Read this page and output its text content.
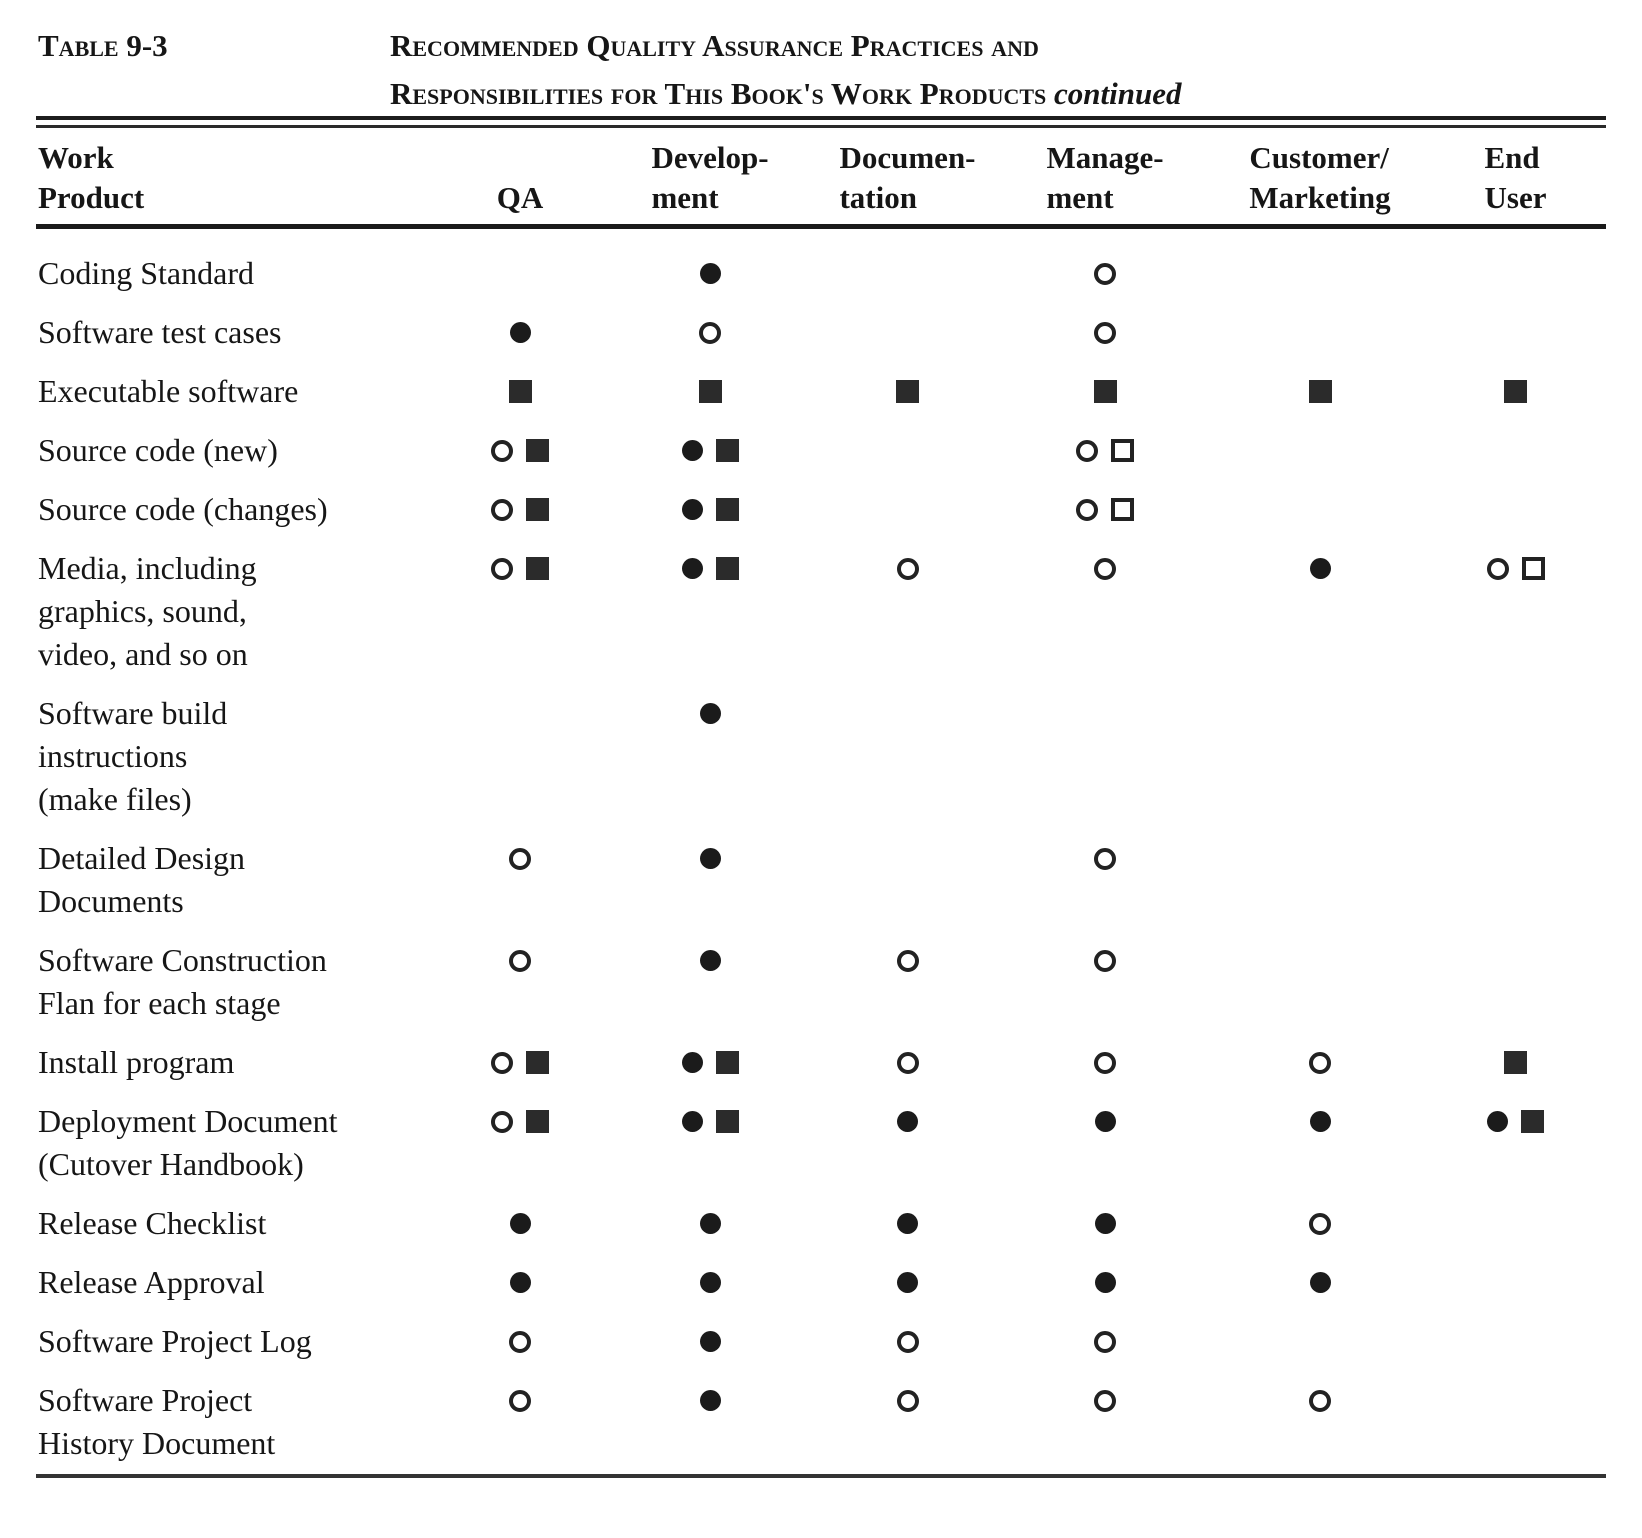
Table 9-3	Recommended Quality Assurance Practices and
Responsibilities for This Book's Work Products continued
Work
Product	QA
Develop-
ment
Documen-
tation
Manage-
ment
Customer/
Marketing
End
User
Coding Standard
Software test cases
Executable software
Source code (new)
Source code (changes)
Media, including
graphics, sound,
video, and so on
Software build
instructions
(make files)
Detailed Design
Documents
Software Construction
Flan for each stage
Install program
Deployment Document
(Cutover Handbook)
Release Checklist
Release Approval
Software Project Log
Software Project
History Document
